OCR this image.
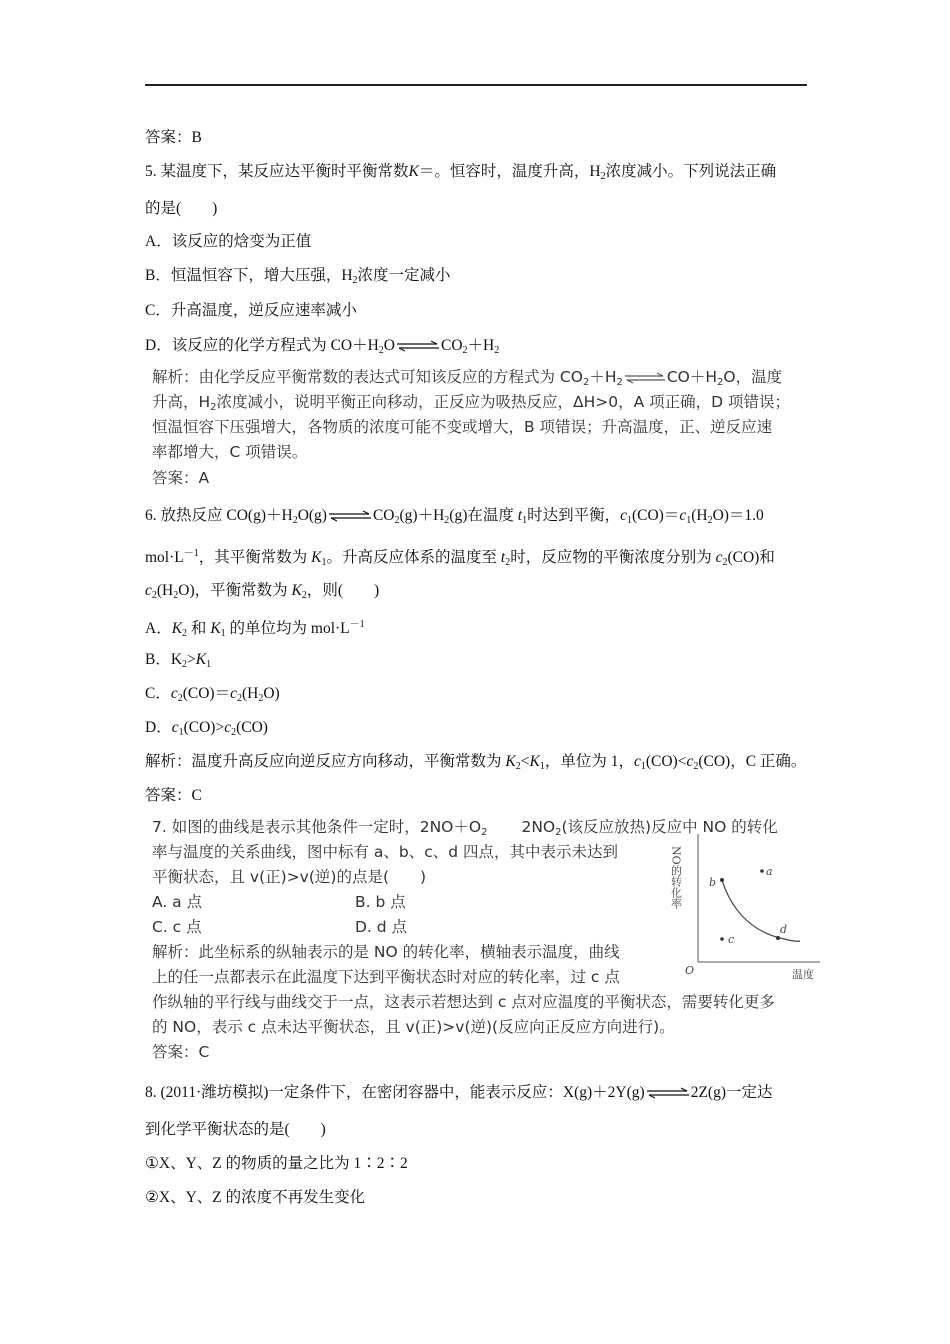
答案：B
5. 某温度下，某反应达平衡时平衡常数K＝。恒容时，温度升高，$H_2$浓度减小。下列说法正确
的是(　　)
A．该反应的焓变为正值
B．恒温恒容下，增大压强，$H_2$浓度一定减小
C．升高温度，逆反应速率减小
D．该反应的化学方程式为 $CO+H_2O\rightleftharpoons CO_2+H_2$
解析：由化学反应平衡常数的表达式可知该反应的方程式为 $CO_2+H_2\rightleftharpoons CO+H_2O$，温度
升高，$H_2$浓度减小，说明平衡正向移动，正反应为吸热反应，ΔH>0，A 项正确，D 项错误；
恒温恒容下压强增大，各物质的浓度可能不变或增大，B 项错误；升高温度，正、逆反应速
率都增大，C 项错误。
答案：A
6. 放热反应 $CO(g)+H_2O(g)\rightleftharpoons CO_2(g)+H_2(g)$在温度 $t_1$时达到平衡，$c_1(CO)=c_1(H_2O)=1.0$
$mol\cdot L^{-1}$，其平衡常数为 $K_1$。升高反应体系的温度至 $t_2$时，反应物的平衡浓度分别为 $c_2(CO)$和
$c_2(H_2O)$，平衡常数为 $K_2$，则(　　)
A．$K_2$ 和 $K_1$ 的单位均为 $mol\cdot L^{-1}$
B．$K_2>K_1$
C．$c_2(CO)=c_2(H_2O)$
D．$c_1(CO)>c_2(CO)$
解析：温度升高反应向逆反应方向移动，平衡常数为 $K_2<K_1$，单位为 1，$c_1(CO)<c_2(CO)$，C 正确。
答案：C
7. 如图的曲线是表示其他条件一定时，$2NO+O_2$ $2NO_2$(该反应放热)反应中 NO 的转化
率与温度的关系曲线，图中标有 a、b、c、d 四点，其中表示未达到
平衡状态，且 v(正)>v(逆)的点是(　　)
A. a 点	B. b 点
C. c 点	D. d 点
解析：此坐标系的纵轴表示的是 NO 的转化率，横轴表示温度，曲线
上的任一点都表示在此温度下达到平衡状态时对应的转化率，过 c 点
作纵轴的平行线与曲线交于一点，这表示若想达到 c 点对应温度的平衡状态，需要转化更多
的 NO，表示 c 点未达平衡状态，且 v(正)>v(逆)(反应向正反应方向进行)。
答案：C
NO的转化率
O	温度
a
b
c
d
8. (2011·潍坊模拟)一定条件下，在密闭容器中，能表示反应：X(g)＋2Y(g)⇌2Z(g)一定达
到化学平衡状态的是(　　)
①X、Y、Z 的物质的量之比为 1∶2∶2
②X、Y、Z 的浓度不再发生变化
